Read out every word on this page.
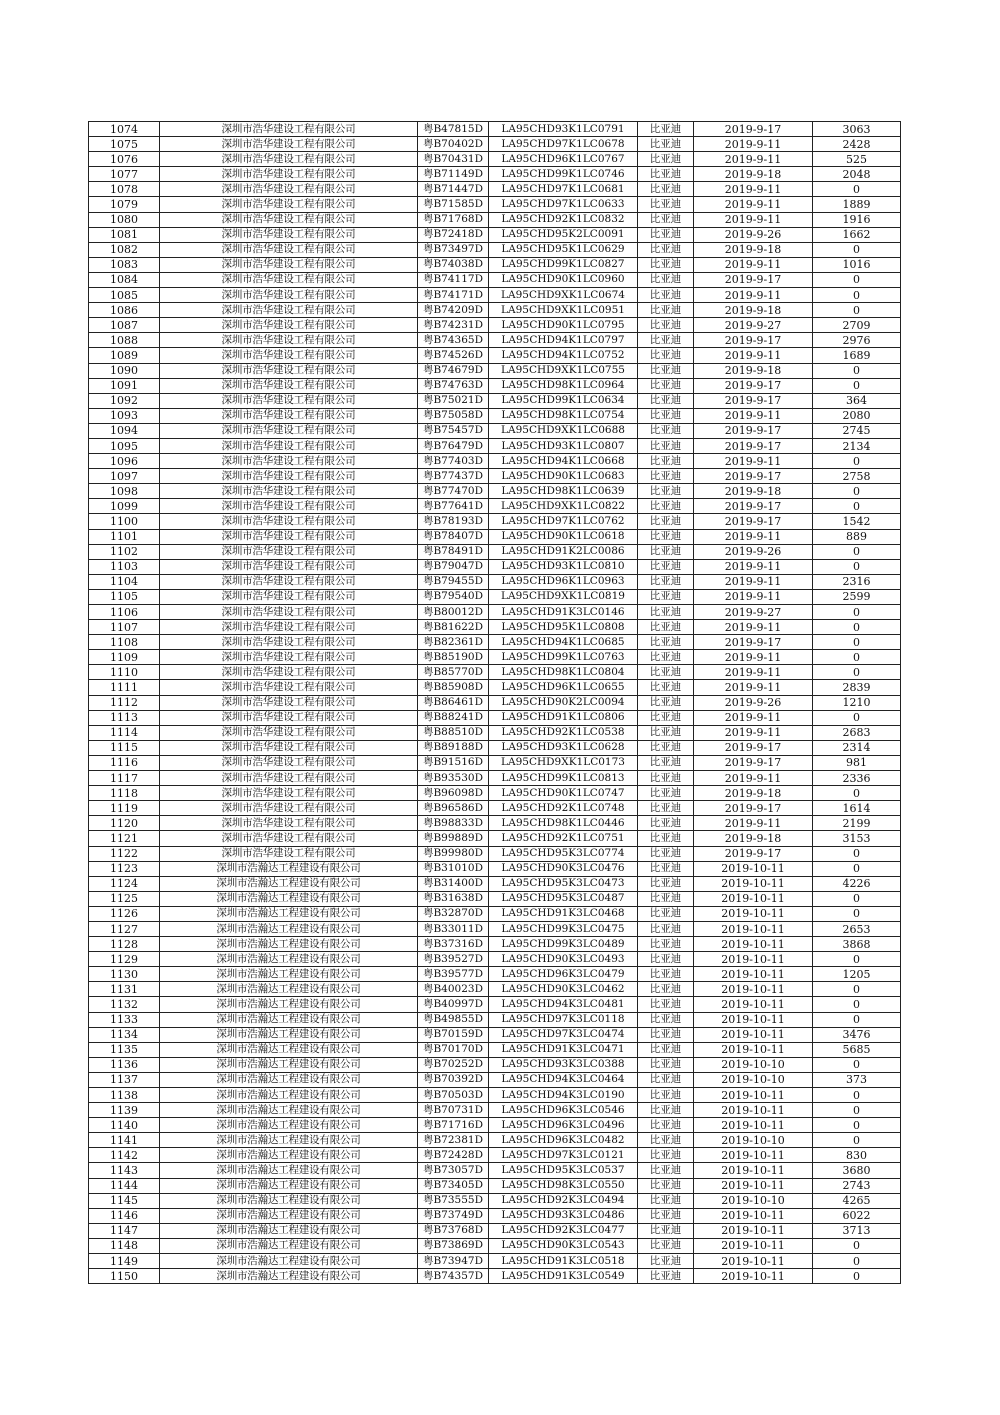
1074	深圳市浩华建设工程有限公司	粤B47815D	LA95CHD93K1LC0791	比亚迪	2019-9-17	3063
1075	深圳市浩华建设工程有限公司	粤B70402D	LA95CHD97K1LC0678	比亚迪	2019-9-11	2428
1076	深圳市浩华建设工程有限公司	粤B70431D	LA95CHD96K1LC0767	比亚迪	2019-9-11	525
1077	深圳市浩华建设工程有限公司	粤B71149D	LA95CHD99K1LC0746	比亚迪	2019-9-18	2048
1078	深圳市浩华建设工程有限公司	粤B71447D	LA95CHD97K1LC0681	比亚迪	2019-9-11	0
1079	深圳市浩华建设工程有限公司	粤B71585D	LA95CHD97K1LC0633	比亚迪	2019-9-11	1889
1080	深圳市浩华建设工程有限公司	粤B71768D	LA95CHD92K1LC0832	比亚迪	2019-9-11	1916
1081	深圳市浩华建设工程有限公司	粤B72418D	LA95CHD95K2LC0091	比亚迪	2019-9-26	1662
1082	深圳市浩华建设工程有限公司	粤B73497D	LA95CHD95K1LC0629	比亚迪	2019-9-18	0
1083	深圳市浩华建设工程有限公司	粤B74038D	LA95CHD99K1LC0827	比亚迪	2019-9-11	1016
1084	深圳市浩华建设工程有限公司	粤B74117D	LA95CHD90K1LC0960	比亚迪	2019-9-17	0
1085	深圳市浩华建设工程有限公司	粤B74171D	LA95CHD9XK1LC0674	比亚迪	2019-9-11	0
1086	深圳市浩华建设工程有限公司	粤B74209D	LA95CHD9XK1LC0951	比亚迪	2019-9-18	0
1087	深圳市浩华建设工程有限公司	粤B74231D	LA95CHD90K1LC0795	比亚迪	2019-9-27	2709
1088	深圳市浩华建设工程有限公司	粤B74365D	LA95CHD94K1LC0797	比亚迪	2019-9-17	2976
1089	深圳市浩华建设工程有限公司	粤B74526D	LA95CHD94K1LC0752	比亚迪	2019-9-11	1689
1090	深圳市浩华建设工程有限公司	粤B74679D	LA95CHD9XK1LC0755	比亚迪	2019-9-18	0
1091	深圳市浩华建设工程有限公司	粤B74763D	LA95CHD98K1LC0964	比亚迪	2019-9-17	0
1092	深圳市浩华建设工程有限公司	粤B75021D	LA95CHD99K1LC0634	比亚迪	2019-9-17	364
1093	深圳市浩华建设工程有限公司	粤B75058D	LA95CHD98K1LC0754	比亚迪	2019-9-11	2080
1094	深圳市浩华建设工程有限公司	粤B75457D	LA95CHD9XK1LC0688	比亚迪	2019-9-17	2745
1095	深圳市浩华建设工程有限公司	粤B76479D	LA95CHD93K1LC0807	比亚迪	2019-9-17	2134
1096	深圳市浩华建设工程有限公司	粤B77403D	LA95CHD94K1LC0668	比亚迪	2019-9-11	0
1097	深圳市浩华建设工程有限公司	粤B77437D	LA95CHD90K1LC0683	比亚迪	2019-9-17	2758
1098	深圳市浩华建设工程有限公司	粤B77470D	LA95CHD98K1LC0639	比亚迪	2019-9-18	0
1099	深圳市浩华建设工程有限公司	粤B77641D	LA95CHD9XK1LC0822	比亚迪	2019-9-17	0
1100	深圳市浩华建设工程有限公司	粤B78193D	LA95CHD97K1LC0762	比亚迪	2019-9-17	1542
1101	深圳市浩华建设工程有限公司	粤B78407D	LA95CHD90K1LC0618	比亚迪	2019-9-11	889
1102	深圳市浩华建设工程有限公司	粤B78491D	LA95CHD91K2LC0086	比亚迪	2019-9-26	0
1103	深圳市浩华建设工程有限公司	粤B79047D	LA95CHD93K1LC0810	比亚迪	2019-9-11	0
1104	深圳市浩华建设工程有限公司	粤B79455D	LA95CHD96K1LC0963	比亚迪	2019-9-11	2316
1105	深圳市浩华建设工程有限公司	粤B79540D	LA95CHD9XK1LC0819	比亚迪	2019-9-11	2599
1106	深圳市浩华建设工程有限公司	粤B80012D	LA95CHD91K3LC0146	比亚迪	2019-9-27	0
1107	深圳市浩华建设工程有限公司	粤B81622D	LA95CHD95K1LC0808	比亚迪	2019-9-11	0
1108	深圳市浩华建设工程有限公司	粤B82361D	LA95CHD94K1LC0685	比亚迪	2019-9-17	0
1109	深圳市浩华建设工程有限公司	粤B85190D	LA95CHD99K1LC0763	比亚迪	2019-9-11	0
1110	深圳市浩华建设工程有限公司	粤B85770D	LA95CHD98K1LC0804	比亚迪	2019-9-11	0
1111	深圳市浩华建设工程有限公司	粤B85908D	LA95CHD96K1LC0655	比亚迪	2019-9-11	2839
1112	深圳市浩华建设工程有限公司	粤B86461D	LA95CHD90K2LC0094	比亚迪	2019-9-26	1210
1113	深圳市浩华建设工程有限公司	粤B88241D	LA95CHD91K1LC0806	比亚迪	2019-9-11	0
1114	深圳市浩华建设工程有限公司	粤B88510D	LA95CHD92K1LC0538	比亚迪	2019-9-11	2683
1115	深圳市浩华建设工程有限公司	粤B89188D	LA95CHD93K1LC0628	比亚迪	2019-9-17	2314
1116	深圳市浩华建设工程有限公司	粤B91516D	LA95CHD9XK1LC0173	比亚迪	2019-9-17	981
1117	深圳市浩华建设工程有限公司	粤B93530D	LA95CHD99K1LC0813	比亚迪	2019-9-11	2336
1118	深圳市浩华建设工程有限公司	粤B96098D	LA95CHD90K1LC0747	比亚迪	2019-9-18	0
1119	深圳市浩华建设工程有限公司	粤B96586D	LA95CHD92K1LC0748	比亚迪	2019-9-17	1614
1120	深圳市浩华建设工程有限公司	粤B98833D	LA95CHD98K1LC0446	比亚迪	2019-9-11	2199
1121	深圳市浩华建设工程有限公司	粤B99889D	LA95CHD92K1LC0751	比亚迪	2019-9-18	3153
1122	深圳市浩华建设工程有限公司	粤B99980D	LA95CHD95K3LC0774	比亚迪	2019-9-17	0
1123	深圳市浩瀚达工程建设有限公司	粤B31010D	LA95CHD90K3LC0476	比亚迪	2019-10-11	0
1124	深圳市浩瀚达工程建设有限公司	粤B31400D	LA95CHD95K3LC0473	比亚迪	2019-10-11	4226
1125	深圳市浩瀚达工程建设有限公司	粤B31638D	LA95CHD95K3LC0487	比亚迪	2019-10-11	0
1126	深圳市浩瀚达工程建设有限公司	粤B32870D	LA95CHD91K3LC0468	比亚迪	2019-10-11	0
1127	深圳市浩瀚达工程建设有限公司	粤B33011D	LA95CHD99K3LC0475	比亚迪	2019-10-11	2653
1128	深圳市浩瀚达工程建设有限公司	粤B37316D	LA95CHD99K3LC0489	比亚迪	2019-10-11	3868
1129	深圳市浩瀚达工程建设有限公司	粤B39527D	LA95CHD90K3LC0493	比亚迪	2019-10-11	0
1130	深圳市浩瀚达工程建设有限公司	粤B39577D	LA95CHD96K3LC0479	比亚迪	2019-10-11	1205
1131	深圳市浩瀚达工程建设有限公司	粤B40023D	LA95CHD90K3LC0462	比亚迪	2019-10-11	0
1132	深圳市浩瀚达工程建设有限公司	粤B40997D	LA95CHD94K3LC0481	比亚迪	2019-10-11	0
1133	深圳市浩瀚达工程建设有限公司	粤B49855D	LA95CHD97K3LC0118	比亚迪	2019-10-11	0
1134	深圳市浩瀚达工程建设有限公司	粤B70159D	LA95CHD97K3LC0474	比亚迪	2019-10-11	3476
1135	深圳市浩瀚达工程建设有限公司	粤B70170D	LA95CHD91K3LC0471	比亚迪	2019-10-11	5685
1136	深圳市浩瀚达工程建设有限公司	粤B70252D	LA95CHD93K3LC0388	比亚迪	2019-10-10	0
1137	深圳市浩瀚达工程建设有限公司	粤B70392D	LA95CHD94K3LC0464	比亚迪	2019-10-10	373
1138	深圳市浩瀚达工程建设有限公司	粤B70503D	LA95CHD94K3LC0190	比亚迪	2019-10-11	0
1139	深圳市浩瀚达工程建设有限公司	粤B70731D	LA95CHD96K3LC0546	比亚迪	2019-10-11	0
1140	深圳市浩瀚达工程建设有限公司	粤B71716D	LA95CHD96K3LC0496	比亚迪	2019-10-11	0
1141	深圳市浩瀚达工程建设有限公司	粤B72381D	LA95CHD96K3LC0482	比亚迪	2019-10-10	0
1142	深圳市浩瀚达工程建设有限公司	粤B72428D	LA95CHD97K3LC0121	比亚迪	2019-10-11	830
1143	深圳市浩瀚达工程建设有限公司	粤B73057D	LA95CHD95K3LC0537	比亚迪	2019-10-11	3680
1144	深圳市浩瀚达工程建设有限公司	粤B73405D	LA95CHD98K3LC0550	比亚迪	2019-10-11	2743
1145	深圳市浩瀚达工程建设有限公司	粤B73555D	LA95CHD92K3LC0494	比亚迪	2019-10-10	4265
1146	深圳市浩瀚达工程建设有限公司	粤B73749D	LA95CHD93K3LC0486	比亚迪	2019-10-11	6022
1147	深圳市浩瀚达工程建设有限公司	粤B73768D	LA95CHD92K3LC0477	比亚迪	2019-10-11	3713
1148	深圳市浩瀚达工程建设有限公司	粤B73869D	LA95CHD90K3LC0543	比亚迪	2019-10-11	0
1149	深圳市浩瀚达工程建设有限公司	粤B73947D	LA95CHD91K3LC0518	比亚迪	2019-10-11	0
1150	深圳市浩瀚达工程建设有限公司	粤B74357D	LA95CHD91K3LC0549	比亚迪	2019-10-11	0
